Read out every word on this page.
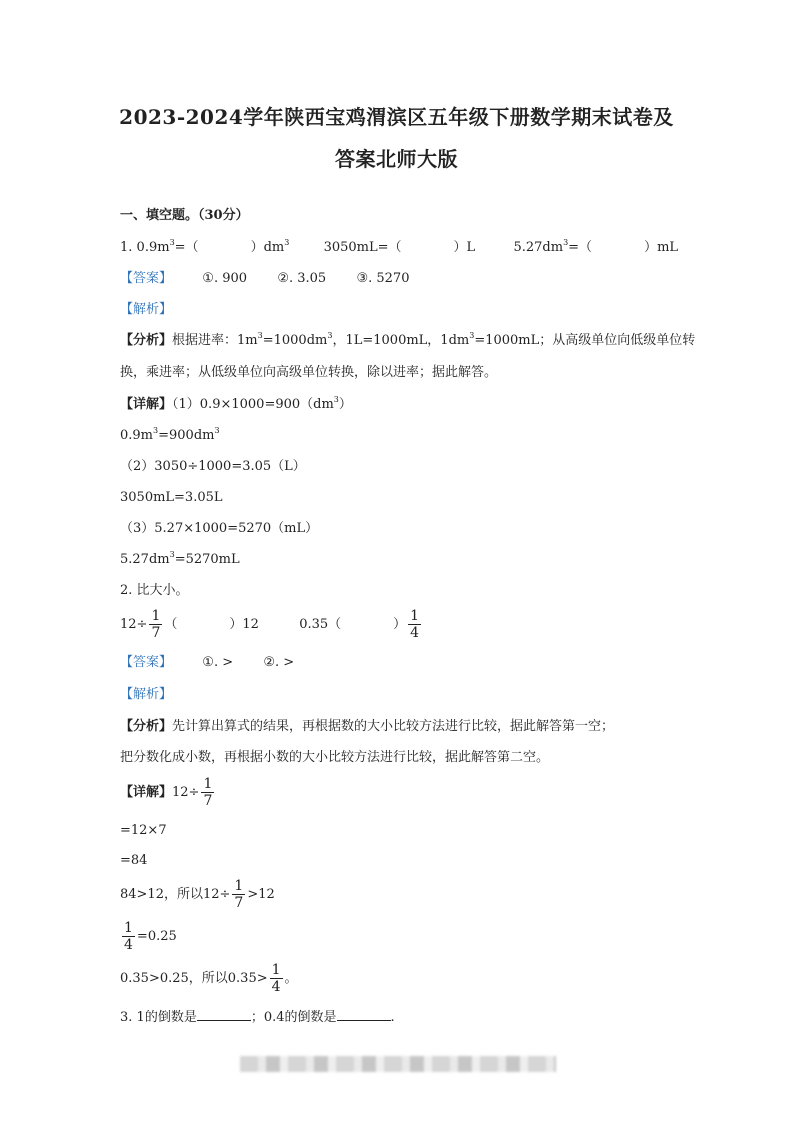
2023-2024学年陕西宝鸡渭滨区五年级下册数学期末试卷及
答案北师大版
一、填空题。（30分）
1. $0.9m^3=$（	）$dm^3$	3050mL=（	）L	$5.27dm^3=$（	）mL
【答案】 ①. 900 ②. 3.05 ③. 5270
【解析】
【分析】根据进率：$1m^3=1000dm^3$，1L=1000mL，$1dm^3=1000mL$；从高级单位向低级单位转
换，乘进率；从低级单位向高级单位转换，除以进率；据此解答。
【详解】$(1)0.9\times 1000=900(dm^3)$
$0.9m^3=900dm^3$
（2）3050÷1000=3.05（L）
3050mL=3.05L
（3）5.27×1000=5270（mL）
$5.27dm^3=5270mL$
2. 比大小。
$12\div \frac{1}{7}$ （	）12	0.35（	） $\frac{1}{4}$
【答案】 ①. > ②. >
【解析】
【分析】先计算出算式的结果，再根据数的大小比较方法进行比较，据此解答第一空；
把分数化成小数，再根据小数的大小比较方法进行比较，据此解答第二空。
【详解】$12\div \frac{1}{7}$
=12×7
=84
84>12，所以$12\div \frac{1}{7} >12$
$\frac{1}{4} =0.25$
0.35>0.25，所以$0.35> \frac{1}{4}$ 。
3. 1的倒数是	；0.4的倒数是	.
